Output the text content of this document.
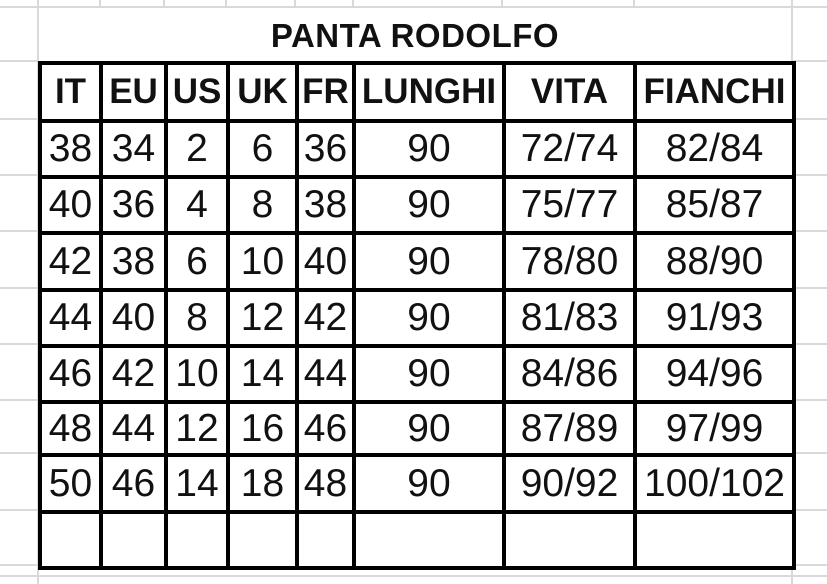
PANTA RODOLFO
IT	EU	US	UK	FR	LUNGHI	VITA	FIANCHI
38	34	2	6	36	90	72/74	82/84
40	36	4	8	38	90	75/77	85/87
42	38	6	10	40	90	78/80	88/90
44	40	8	12	42	90	81/83	91/93
46	42	10	14	44	90	84/86	94/96
48	44	12	16	46	90	87/89	97/99
50	46	14	18	48	90	90/92	100/102
